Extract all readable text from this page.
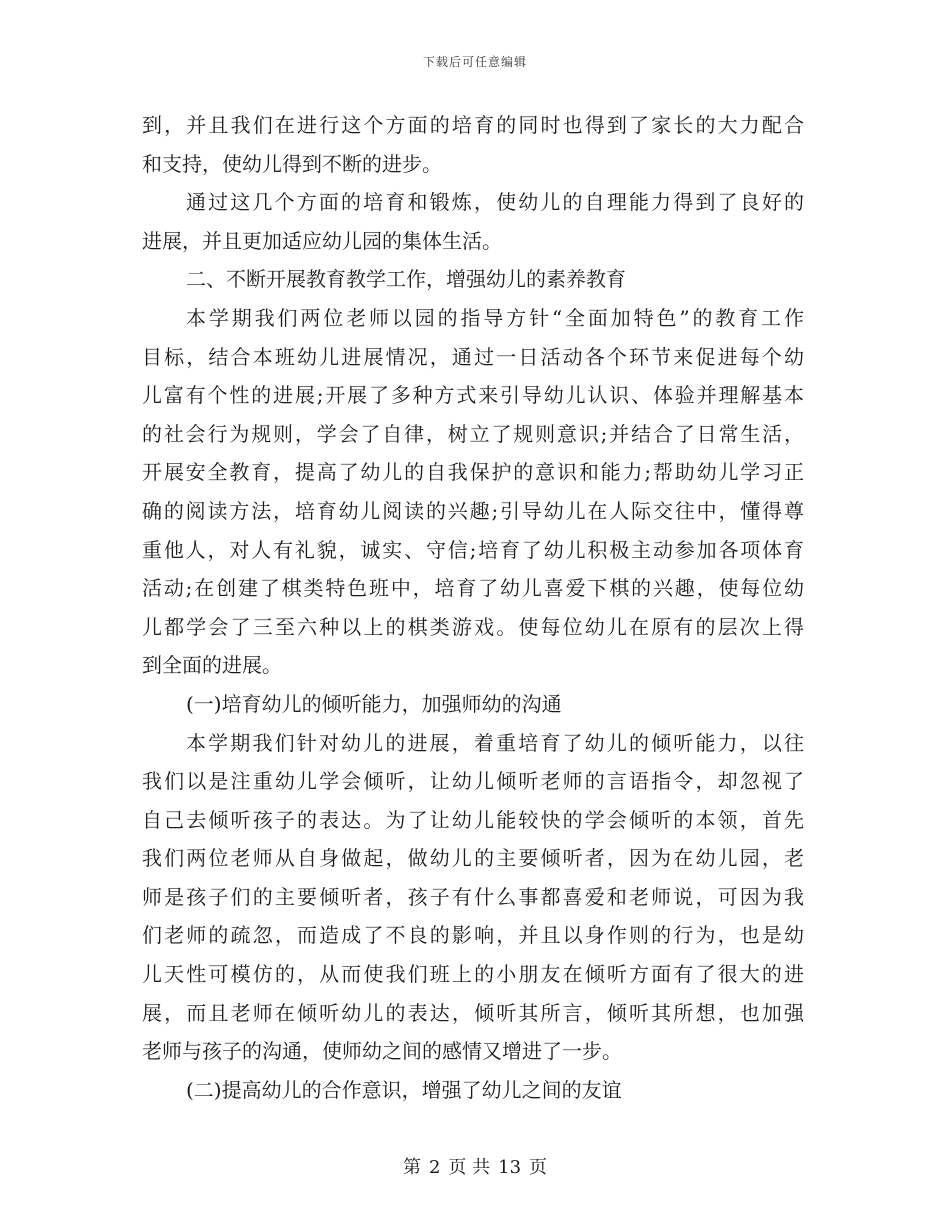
下载后可任意编辑
到，并且我们在进行这个方面的培育的同时也得到了家长的大力配合
和支持，使幼儿得到不断的进步。
通过这几个方面的培育和锻炼，使幼儿的自理能力得到了良好的
进展，并且更加适应幼儿园的集体生活。
二、不断开展教育教学工作，增强幼儿的素养教育
本学期我们两位老师以园的指导方针“全面加特色”的教育工作
目标，结合本班幼儿进展情况，通过一日活动各个环节来促进每个幼
儿富有个性的进展;开展了多种方式来引导幼儿认识、体验并理解基本
的社会行为规则，学会了自律，树立了规则意识;并结合了日常生活，
开展安全教育，提高了幼儿的自我保护的意识和能力;帮助幼儿学习正
确的阅读方法，培育幼儿阅读的兴趣;引导幼儿在人际交往中，懂得尊
重他人，对人有礼貌，诚实、守信;培育了幼儿积极主动参加各项体育
活动;在创建了棋类特色班中，培育了幼儿喜爱下棋的兴趣，使每位幼
儿都学会了三至六种以上的棋类游戏。使每位幼儿在原有的层次上得
到全面的进展。
(一)培育幼儿的倾听能力，加强师幼的沟通
本学期我们针对幼儿的进展，着重培育了幼儿的倾听能力，以往
我们以是注重幼儿学会倾听，让幼儿倾听老师的言语指令，却忽视了
自己去倾听孩子的表达。为了让幼儿能较快的学会倾听的本领，首先
我们两位老师从自身做起，做幼儿的主要倾听者，因为在幼儿园，老
师是孩子们的主要倾听者，孩子有什么事都喜爱和老师说，可因为我
们老师的疏忽，而造成了不良的影响，并且以身作则的行为，也是幼
儿天性可模仿的，从而使我们班上的小朋友在倾听方面有了很大的进
展，而且老师在倾听幼儿的表达，倾听其所言，倾听其所想，也加强
老师与孩子的沟通，使师幼之间的感情又增进了一步。
(二)提高幼儿的合作意识，增强了幼儿之间的友谊
第 2 页 共 13 页
